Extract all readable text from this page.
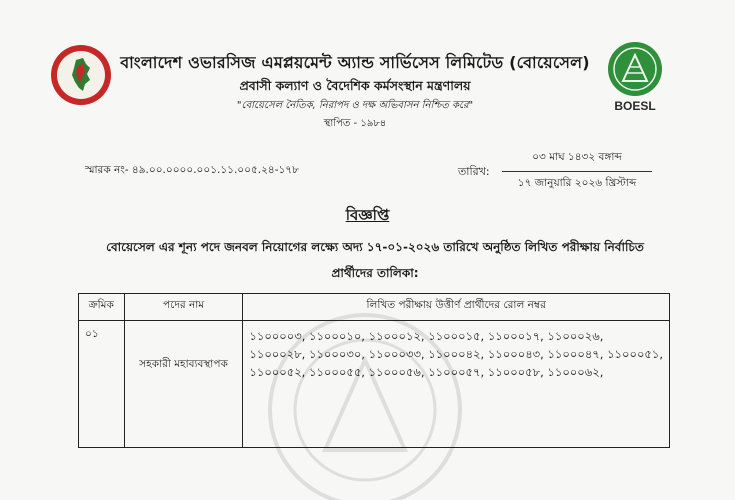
BOESL
বাংলাদেশ ওভারসিজ এমপ্লয়মেন্ট অ্যান্ড সার্ভিসেস লিমিটেড (বোয়েসেল)
প্রবাসী কল্যাণ ও বৈদেশিক কর্মসংস্থান মন্ত্রণালয়
"বোয়েসেল নৈতিক, নিরাপদ ও দক্ষ অভিবাসন নিশ্চিত করে"
স্থাপিত - ১৯৮৪
স্মারক নং- ৪৯.০০.০০০০.০০১.১১.০০৫.২৪-১৭৮	তারিখ:
০৩ মাঘ ১৪৩২ বঙ্গাব্দ
১৭ জানুয়ারি ২০২৬ খ্রিস্টাব্দ
বিজ্ঞপ্তি
বোয়েসেল এর শূন্য পদে জনবল নিয়োগের লক্ষ্যে অদ্য ১৭-০১-২০২৬ তারিখে অনুষ্ঠিত লিখিত পরীক্ষায় নির্বাচিত
প্রার্থীদের তালিকা:
ক্রমিক	পদের নাম	লিখিত পরীক্ষায় উত্তীর্ণ প্রার্থীদের রোল নম্বর
০১	সহকারী মহাব্যবস্থাপক	১১০০০০৩, ১১০০০১০, ১১০০০১২, ১১০০০১৫, ১১০০০১৭, ১১০০০২৬,
১১০০০২৮, ১১০০০৩০, ১১০০০৩৩, ১১০০০৪২, ১১০০০৪৩, ১১০০০৪৭, ১১০০০৫১,
১১০০০৫২, ১১০০০৫৫, ১১০০০৫৬, ১১০০০৫৭, ১১০০০৫৮, ১১০০০৬২,
